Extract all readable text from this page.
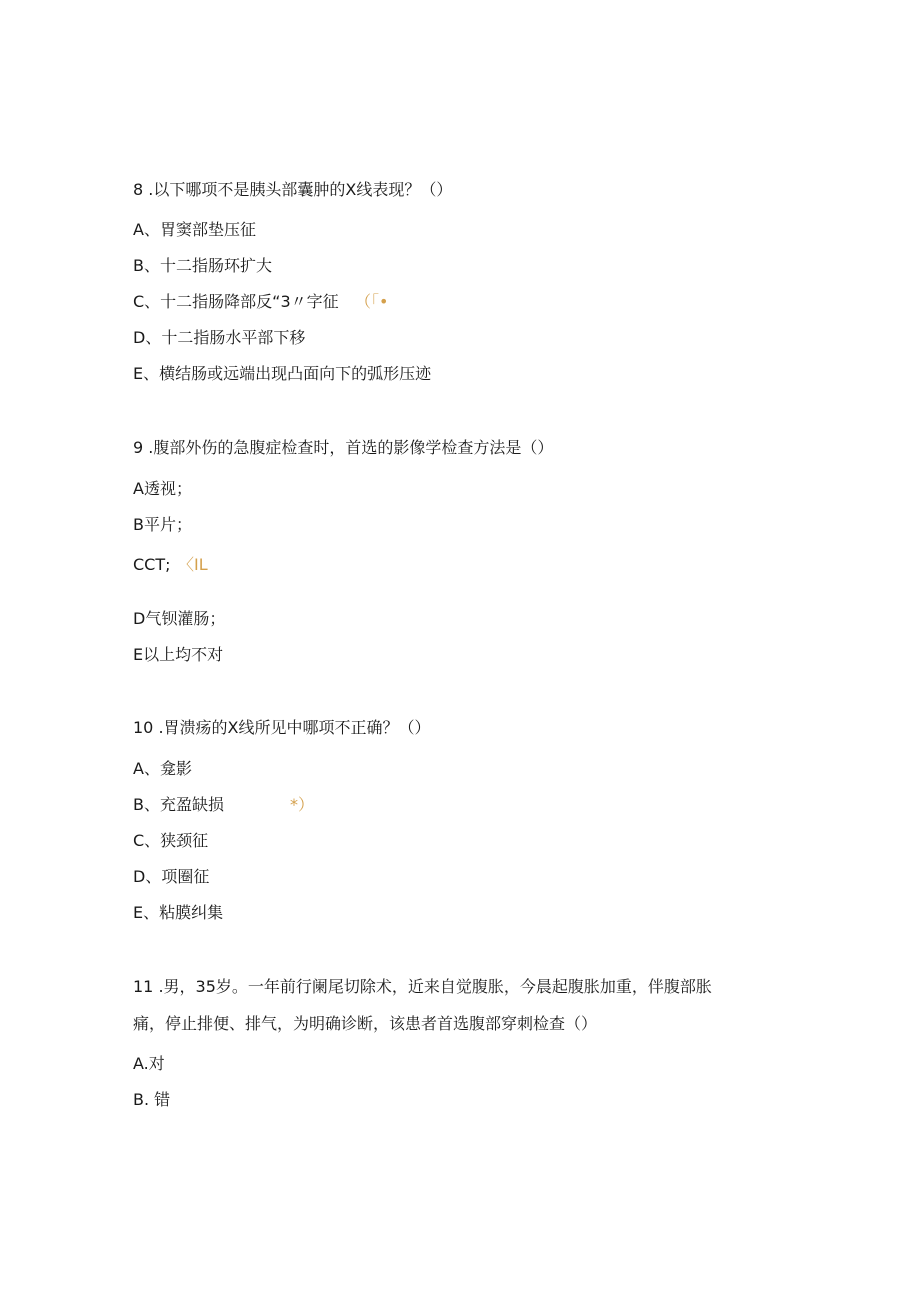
8 .以下哪项不是胰头部囊肿的X线表现？（）
A、胃窦部垫压征
B、十二指肠环扩大
C、十二指肠降部反“3〃字征 （「•
D、十二指肠水平部下移
E、横结肠或远端出现凸面向下的弧形压迹
9 .腹部外伤的急腹症检查时，首选的影像学检查方法是（）
A透视；
B平片；
CCT; 〈IL
D气钡灌肠；
E以上均不对
10 .胃溃疡的X线所见中哪项不正确？（）
A、龛影
B、充盈缺损	*）
C、狭颈征
D、项圈征
E、粘膜纠集
11 .男，35岁。一年前行阑尾切除术，近来自觉腹胀，今晨起腹胀加重，伴腹部胀
痛，停止排便、排气，为明确诊断，该患者首选腹部穿刺检查（）
A.对
B. 错
